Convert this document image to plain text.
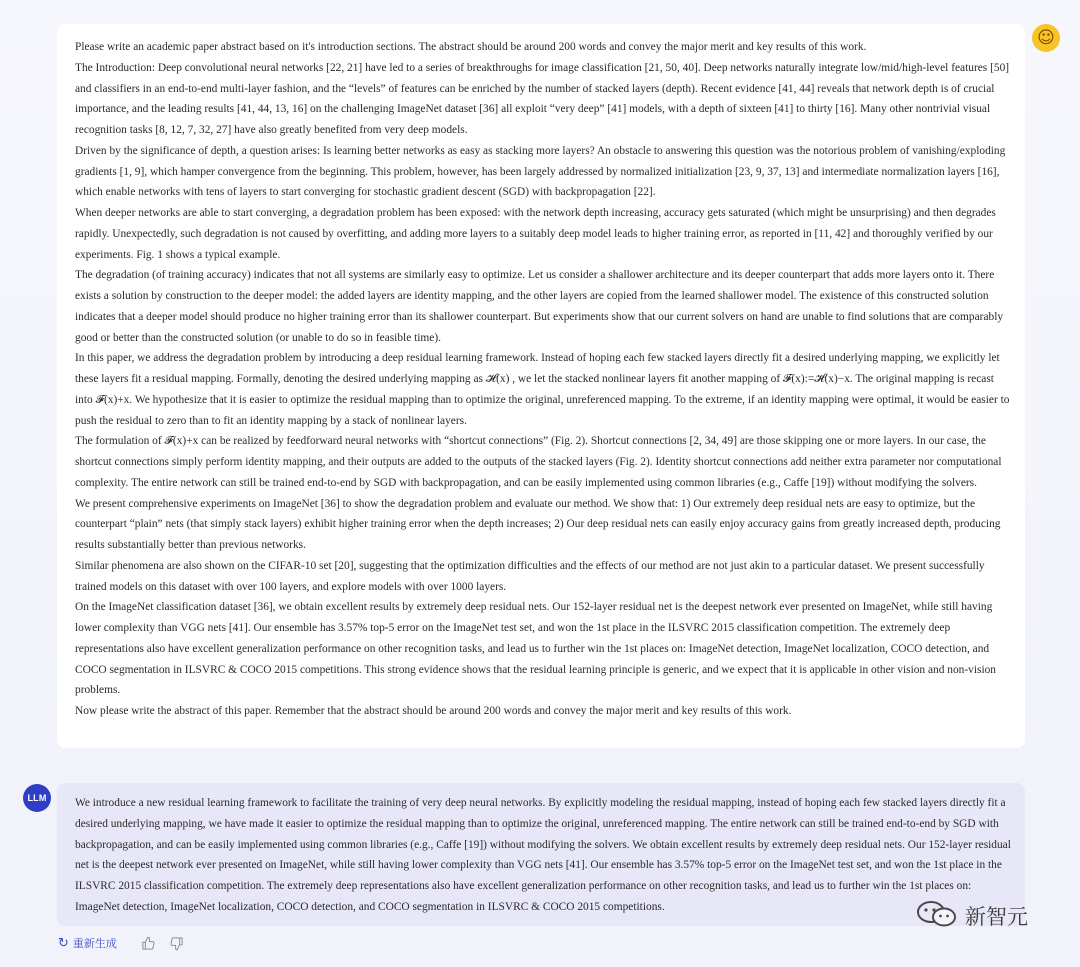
☺

Please write an academic paper abstract based on it's introduction sections. The abstract should be around 200 words and convey the major merit and key results of this work.

The Introduction: Deep convolutional neural networks [22, 21] have led to a series of breakthroughs for image classification [21, 50, 40]. Deep networks naturally integrate low/mid/high-level features [50] and classifiers in an end-to-end multi-layer fashion, and the “levels” of features can be enriched by the number of stacked layers (depth). Recent evidence [41, 44] reveals that network depth is of crucial importance, and the leading results [41, 44, 13, 16] on the challenging ImageNet dataset [36] all exploit “very deep” [41] models, with a depth of sixteen [41] to thirty [16]. Many other nontrivial visual recognition tasks [8, 12, 7, 32, 27] have also greatly benefited from very deep models.

Driven by the significance of depth, a question arises: Is learning better networks as easy as stacking more layers? An obstacle to answering this question was the notorious problem of vanishing/exploding gradients [1, 9], which hamper convergence from the beginning. This problem, however, has been largely addressed by normalized initialization [23, 9, 37, 13] and intermediate normalization layers [16], which enable networks with tens of layers to start converging for stochastic gradient descent (SGD) with backpropagation [22].

When deeper networks are able to start converging, a degradation problem has been exposed: with the network depth increasing, accuracy gets saturated (which might be unsurprising) and then degrades rapidly. Unexpectedly, such degradation is not caused by overfitting, and adding more layers to a suitably deep model leads to higher training error, as reported in [11, 42] and thoroughly verified by our experiments. Fig. 1 shows a typical example.

The degradation (of training accuracy) indicates that not all systems are similarly easy to optimize. Let us consider a shallower architecture and its deeper counterpart that adds more layers onto it. There exists a solution by construction to the deeper model: the added layers are identity mapping, and the other layers are copied from the learned shallower model. The existence of this constructed solution indicates that a deeper model should produce no higher training error than its shallower counterpart. But experiments show that our current solvers on hand are unable to find solutions that are comparably good or better than the constructed solution (or unable to do so in feasible time).

In this paper, we address the degradation problem by introducing a deep residual learning framework. Instead of hoping each few stacked layers directly fit a desired underlying mapping, we explicitly let these layers fit a residual mapping. Formally, denoting the desired underlying mapping as 𝓗(x) , we let the stacked nonlinear layers fit another mapping of 𝓕(x):=𝓗(x)−x. The original mapping is recast into 𝓕(x)+x. We hypothesize that it is easier to optimize the residual mapping than to optimize the original, unreferenced mapping. To the extreme, if an identity mapping were optimal, it would be easier to push the residual to zero than to fit an identity mapping by a stack of nonlinear layers.

The formulation of 𝓕(x)+x can be realized by feedforward neural networks with “shortcut connections” (Fig. 2). Shortcut connections [2, 34, 49] are those skipping one or more layers. In our case, the shortcut connections simply perform identity mapping, and their outputs are added to the outputs of the stacked layers (Fig. 2). Identity shortcut connections add neither extra parameter nor computational complexity. The entire network can still be trained end-to-end by SGD with backpropagation, and can be easily implemented using common libraries (e.g., Caffe [19]) without modifying the solvers.

We present comprehensive experiments on ImageNet [36] to show the degradation problem and evaluate our method. We show that: 1) Our extremely deep residual nets are easy to optimize, but the counterpart “plain” nets (that simply stack layers) exhibit higher training error when the depth increases; 2) Our deep residual nets can easily enjoy accuracy gains from greatly increased depth, producing results substantially better than previous networks.

Similar phenomena are also shown on the CIFAR-10 set [20], suggesting that the optimization difficulties and the effects of our method are not just akin to a particular dataset. We present successfully trained models on this dataset with over 100 layers, and explore models with over 1000 layers.

On the ImageNet classification dataset [36], we obtain excellent results by extremely deep residual nets. Our 152-layer residual net is the deepest network ever presented on ImageNet, while still having lower complexity than VGG nets [41]. Our ensemble has 3.57% top-5 error on the ImageNet test set, and won the 1st place in the ILSVRC 2015 classification competition. The extremely deep representations also have excellent generalization performance on other recognition tasks, and lead us to further win the 1st places on: ImageNet detection, ImageNet localization, COCO detection, and COCO segmentation in ILSVRC & COCO 2015 competitions. This strong evidence shows that the residual learning principle is generic, and we expect that it is applicable in other vision and non-vision problems.

Now please write the abstract of this paper. Remember that the abstract should be around 200 words and convey the major merit and key results of this work.

LLM	We introduce a new residual learning framework to facilitate the training of very deep neural networks. By explicitly modeling the residual mapping, instead of hoping each few stacked layers directly fit a desired underlying mapping, we have made it easier to optimize the residual mapping than to optimize the original, unreferenced mapping. The entire network can still be trained end-to-end by SGD with backpropagation, and can be easily implemented using common libraries (e.g., Caffe [19]) without modifying the solvers. We obtain excellent results by extremely deep residual nets. Our 152-layer residual net is the deepest network ever presented on ImageNet, while still having lower complexity than VGG nets [41]. Our ensemble has 3.57% top-5 error on the ImageNet test set, and won the 1st place in the ILSVRC 2015 classification competition. The extremely deep representations also have excellent generalization performance on other recognition tasks, and lead us to further win the 1st places on: ImageNet detection, ImageNet localization, COCO detection, and COCO segmentation in ILSVRC & COCO 2015 competitions.

↻ 重新生成
新智元
